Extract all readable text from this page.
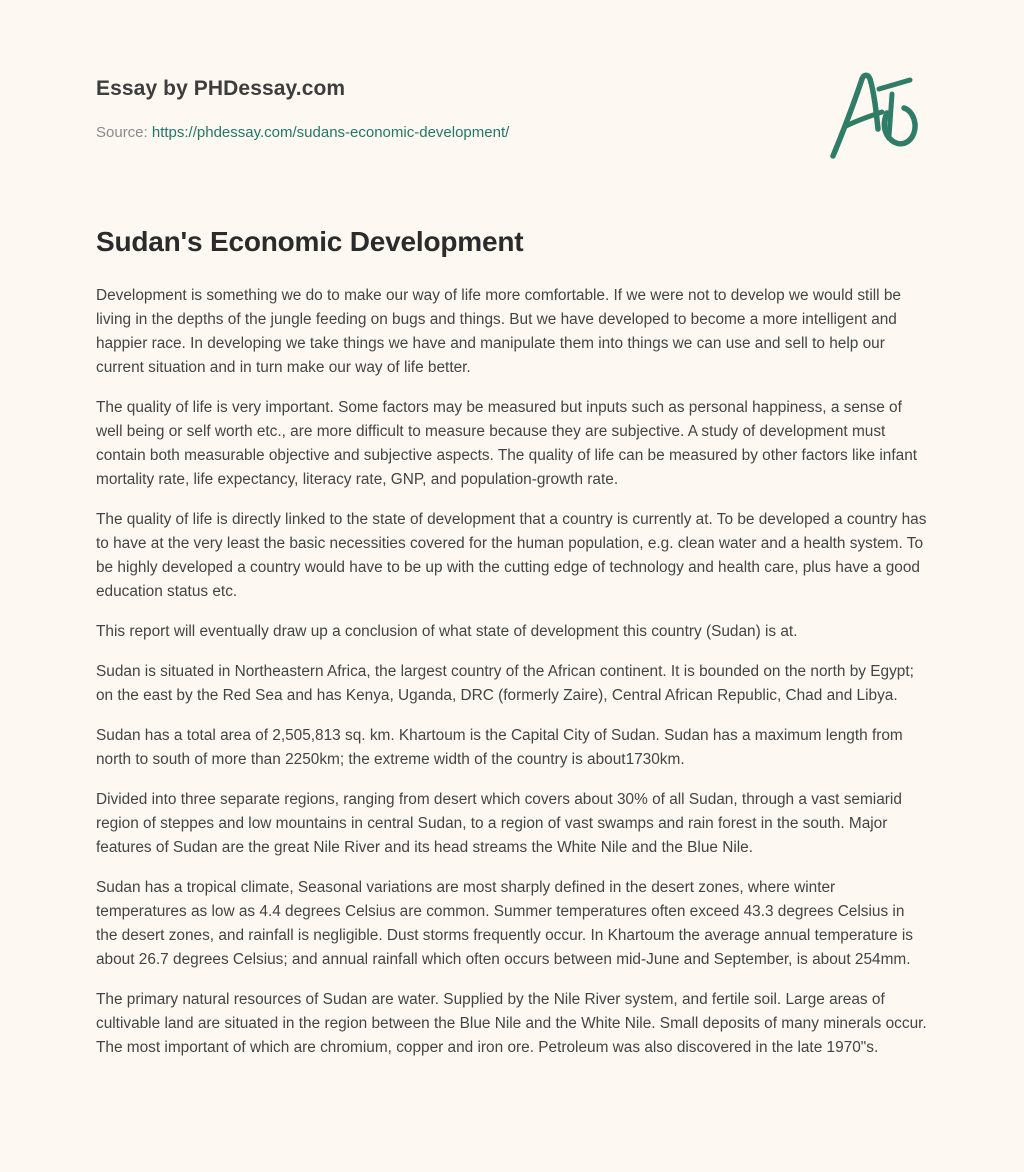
Essay by PHDessay.com
Source: https://phdessay.com/sudans-economic-development/
Sudan's Economic Development

Development is something we do to make our way of life more comfortable. If we were not to develop we would still be living in the depths of the jungle feeding on bugs and things. But we have developed to become a more intelligent and happier race. In developing we take things we have and manipulate them into things we can use and sell to help our current situation and in turn make our way of life better.

The quality of life is very important. Some factors may be measured but inputs such as personal happiness, a sense of well being or self worth etc., are more difficult to measure because they are subjective. A study of development must contain both measurable objective and subjective aspects. The quality of life can be measured by other factors like infant mortality rate, life expectancy, literacy rate, GNP, and population-growth rate.

The quality of life is directly linked to the state of development that a country is currently at. To be developed a country has to have at the very least the basic necessities covered for the human population, e.g. clean water and a health system. To be highly developed a country would have to be up with the cutting edge of technology and health care, plus have a good education status etc.

This report will eventually draw up a conclusion of what state of development this country (Sudan) is at.

Sudan is situated in Northeastern Africa, the largest country of the African continent. It is bounded on the north by Egypt; on the east by the Red Sea and has Kenya, Uganda, DRC (formerly Zaire), Central African Republic, Chad and Libya.

Sudan has a total area of 2,505,813 sq. km. Khartoum is the Capital City of Sudan. Sudan has a maximum length from north to south of more than 2250km; the extreme width of the country is about1730km.

Divided into three separate regions, ranging from desert which covers about 30% of all Sudan, through a vast semiarid region of steppes and low mountains in central Sudan, to a region of vast swamps and rain forest in the south. Major features of Sudan are the great Nile River and its head streams the White Nile and the Blue Nile.

Sudan has a tropical climate, Seasonal variations are most sharply defined in the desert zones, where winter temperatures as low as 4.4 degrees Celsius are common. Summer temperatures often exceed 43.3 degrees Celsius in the desert zones, and rainfall is negligible. Dust storms frequently occur. In Khartoum the average annual temperature is about 26.7 degrees Celsius; and annual rainfall which often occurs between mid-June and September, is about 254mm.

The primary natural resources of Sudan are water. Supplied by the Nile River system, and fertile soil. Large areas of cultivable land are situated in the region between the Blue Nile and the White Nile. Small deposits of many minerals occur. The most important of which are chromium, copper and iron ore. Petroleum was also discovered in the late 1970"s.
